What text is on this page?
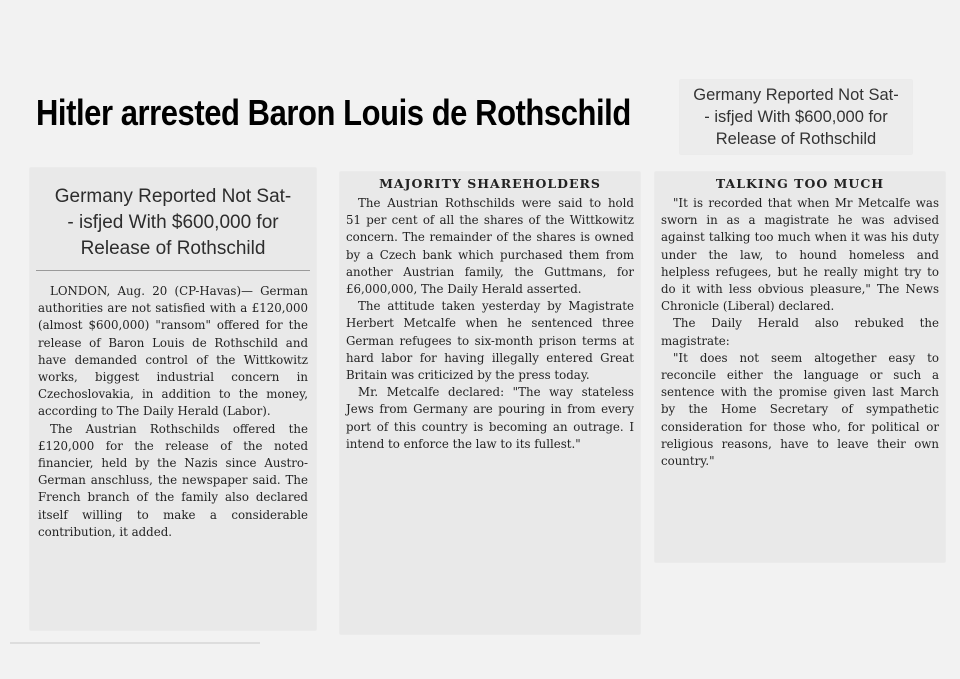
Hitler arrested Baron Louis de Rothschild	Germany Reported Not Sat-
- isfjed With $600,000 for
Release of Rothschild
Germany Reported Not Sat-
- isfjed With $600,000 for
Release of Rothschild

LONDON, Aug. 20 (CP-Havas)— German authorities are not satisfied with a £120,000 (almost $600,000) "ransom" offered for the release of Baron Louis de Rothschild and have demanded control of the Wittkowitz works, biggest industrial concern in Czechoslovakia, in addition to the money, according to The Daily Herald (Labor).

The Austrian Rothschilds offered the £120,000 for the release of the noted financier, held by the Nazis since Austro-German anschluss, the newspaper said. The French branch of the family also declared itself willing to make a considerable contribution, it added.

MAJORITY SHAREHOLDERS

The Austrian Rothschilds were said to hold 51 per cent of all the shares of the Wittkowitz concern. The remainder of the shares is owned by a Czech bank which purchased them from another Austrian family, the Guttmans, for £6,000,000, The Daily Herald asserted.

The attitude taken yesterday by Magistrate Herbert Metcalfe when he sentenced three German refugees to six-month prison terms at hard labor for having illegally entered Great Britain was criticized by the press today.

Mr. Metcalfe declared: "The way stateless Jews from Germany are pouring in from every port of this country is becoming an outrage. I intend to enforce the law to its fullest."

TALKING TOO MUCH

"It is recorded that when Mr Metcalfe was sworn in as a magistrate he was advised against talking too much when it was his duty under the law, to hound homeless and helpless refugees, but he really might try to do it with less obvious pleasure," The News Chronicle (Liberal) declared.

The Daily Herald also rebuked the magistrate:

"It does not seem altogether easy to reconcile either the language or such a sentence with the promise given last March by the Home Secretary of sympathetic consideration for those who, for political or religious reasons, have to leave their own country."
